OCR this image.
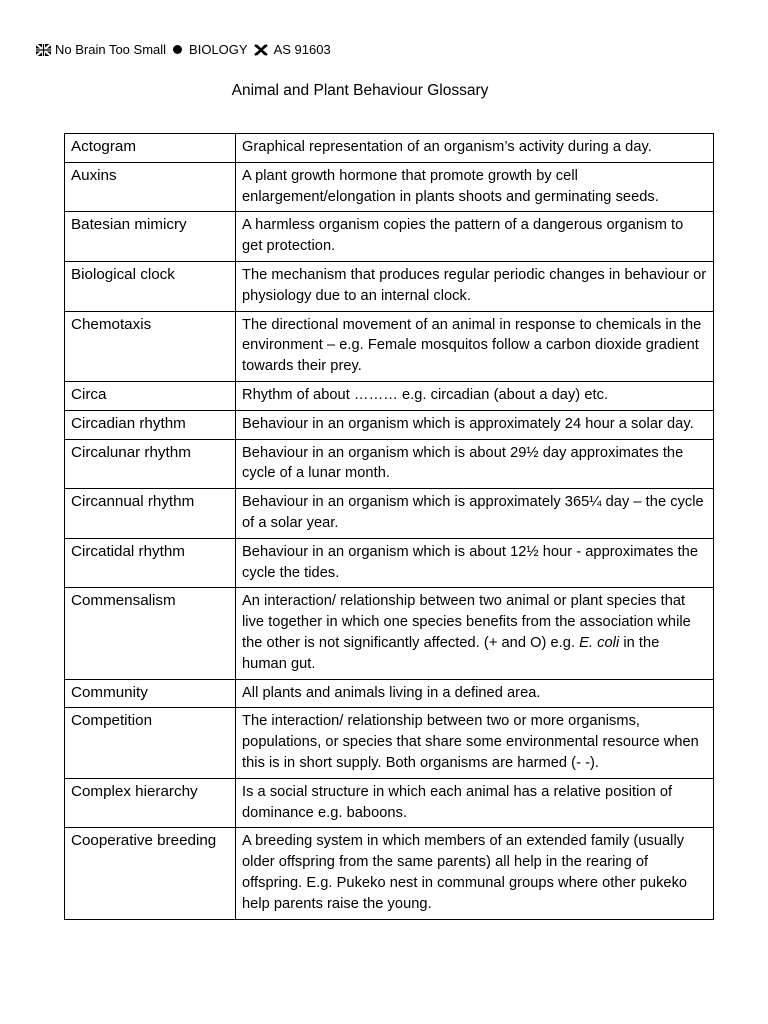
No Brain Too Small BIOLOGY AS 91603
Animal and Plant Behaviour Glossary
Actogram	Graphical representation of an organism’s activity during a day.
Auxins	A plant growth hormone that promote growth by cell enlargement/elongation in plants shoots and germinating seeds.
Batesian mimicry	A harmless organism copies the pattern of a dangerous organism to get protection.
Biological clock	The mechanism that produces regular periodic changes in behaviour or physiology due to an internal clock.
Chemotaxis	The directional movement of an animal in response to chemicals in the environment – e.g. Female mosquitos follow a carbon dioxide gradient towards their prey.
Circa	Rhythm of about ……… e.g. circadian (about a day) etc.
Circadian rhythm	Behaviour in an organism which is approximately 24 hour a solar day.
Circalunar rhythm	Behaviour in an organism which is about 29½ day approximates the cycle of a lunar month.
Circannual rhythm	Behaviour in an organism which is approximately 365¼ day – the cycle of a solar year.
Circatidal rhythm	Behaviour in an organism which is about 12½ hour - approximates the cycle the tides.
Commensalism	An interaction/ relationship between two animal or plant species that live together in which one species benefits from the association while the other is not significantly affected. (+ and O) e.g. E. coli in the human gut.
Community	All plants and animals living in a defined area.
Competition	The interaction/ relationship between two or more organisms, populations, or species that share some environmental resource when this is in short supply. Both organisms are harmed (- -).
Complex hierarchy	Is a social structure in which each animal has a relative position of dominance e.g. baboons.
Cooperative breeding	A breeding system in which members of an extended family (usually older offspring from the same parents) all help in the rearing of offspring. E.g. Pukeko nest in communal groups where other pukeko help parents raise the young.
